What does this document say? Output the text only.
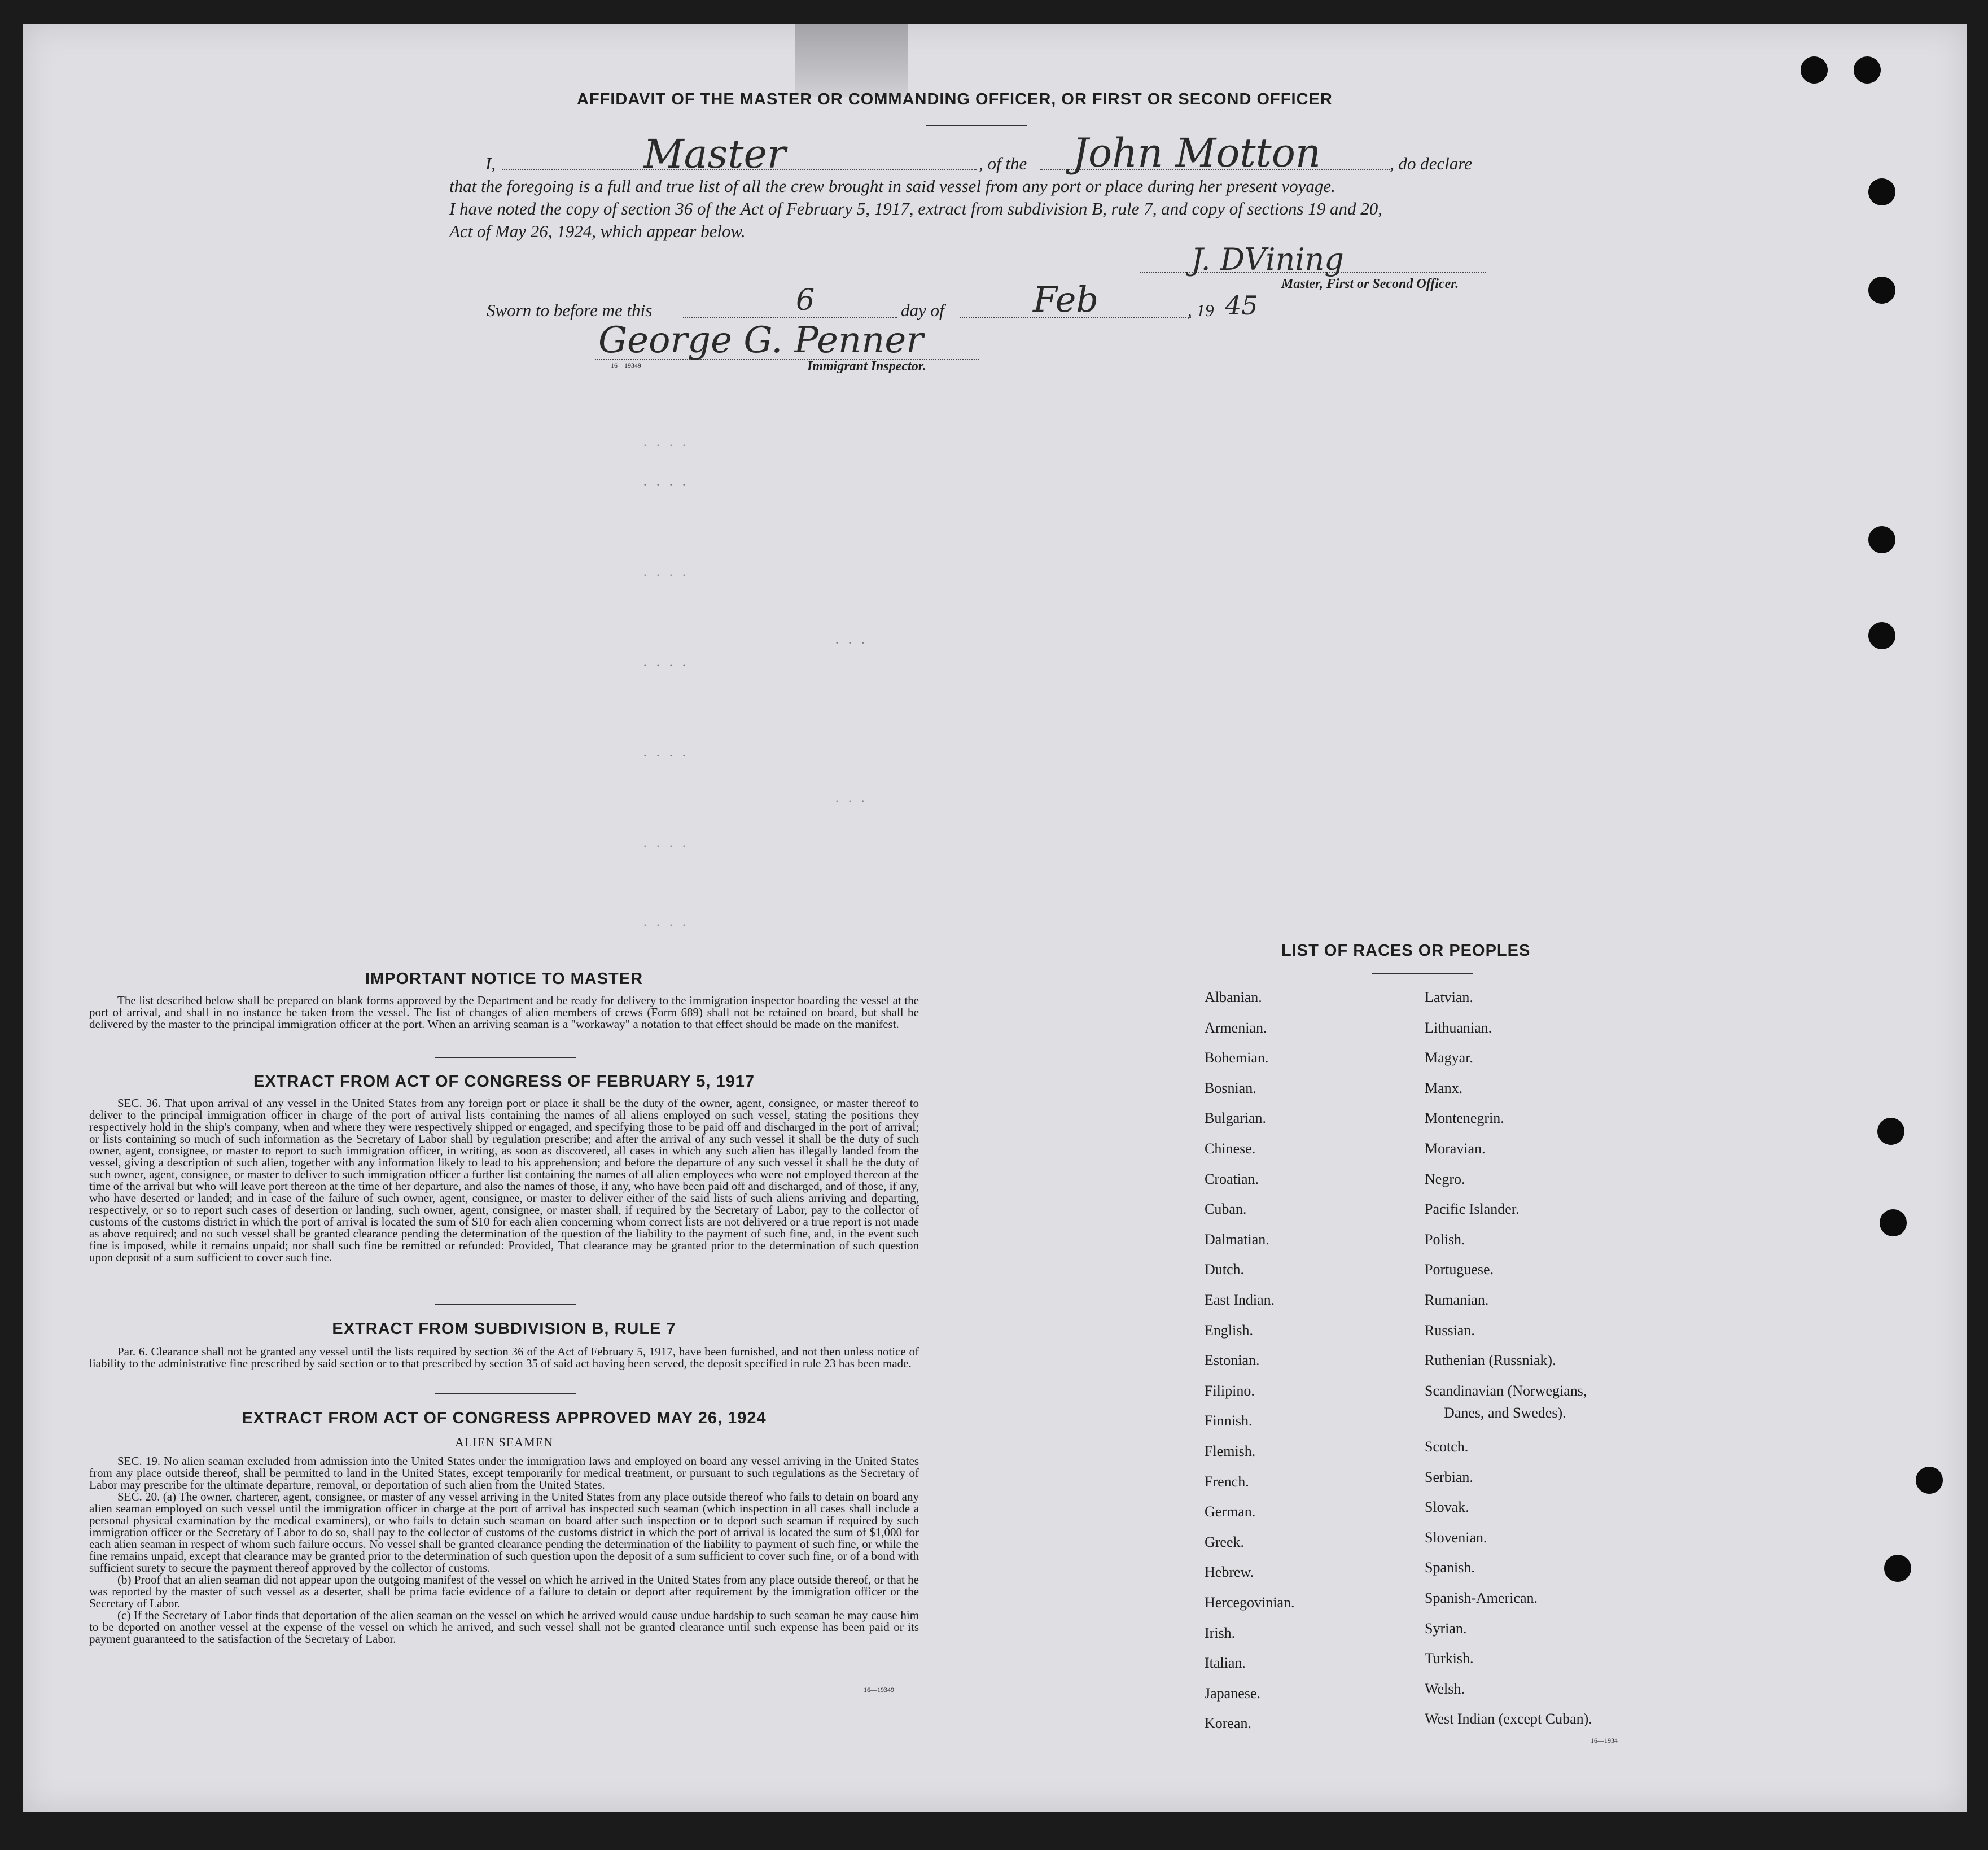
AFFIDAVIT OF THE MASTER OR COMMANDING OFFICER, OR FIRST OR SECOND OFFICER
I,	Master	, of the John Motton	, do declare
that the foregoing is a full and true list of all the crew brought in said vessel from any port or place during her present voyage.
I have noted the copy of section 36 of the Act of February 5, 1917, extract from subdivision B, rule 7, and copy of sections 19 and 20,
Act of May 26, 1924, which appear below.
J. DVining
Master, First or Second Officer.
Sworn to before me this	6	day of	Feb	, 19 45
George G. Penner
16—19349	Immigrant Inspector.
. . . .
. . . .
. . . .
. . . .
. . . .
. . . .
. . . .
. . .
. . .
IMPORTANT NOTICE TO MASTER

The list described below shall be prepared on blank forms approved by the Department and be ready for delivery to the immigration inspector boarding the vessel at the port of arrival, and shall in no instance be taken from the vessel. The list of changes of alien members of crews (Form 689) shall not be retained on board, but shall be delivered by the master to the principal immigration officer at the port. When an arriving seaman is a "workaway" a notation to that effect should be made on the manifest.

EXTRACT FROM ACT OF CONGRESS OF FEBRUARY 5, 1917

SEC. 36. That upon arrival of any vessel in the United States from any foreign port or place it shall be the duty of the owner, agent, consignee, or master thereof to deliver to the principal immigration officer in charge of the port of arrival lists containing the names of all aliens employed on such vessel, stating the positions they respectively hold in the ship's company, when and where they were respectively shipped or engaged, and specifying those to be paid off and discharged in the port of arrival; or lists containing so much of such information as the Secretary of Labor shall by regulation prescribe; and after the arrival of any such vessel it shall be the duty of such owner, agent, consignee, or master to report to such immigration officer, in writing, as soon as discovered, all cases in which any such alien has illegally landed from the vessel, giving a description of such alien, together with any information likely to lead to his apprehension; and before the departure of any such vessel it shall be the duty of such owner, agent, consignee, or master to deliver to such immigration officer a further list containing the names of all alien employees who were not employed thereon at the time of the arrival but who will leave port thereon at the time of her departure, and also the names of those, if any, who have been paid off and discharged, and of those, if any, who have deserted or landed; and in case of the failure of such owner, agent, consignee, or master to deliver either of the said lists of such aliens arriving and departing, respectively, or so to report such cases of desertion or landing, such owner, agent, consignee, or master shall, if required by the Secretary of Labor, pay to the collector of customs of the customs district in which the port of arrival is located the sum of $10 for each alien concerning whom correct lists are not delivered or a true report is not made as above required; and no such vessel shall be granted clearance pending the determination of the question of the liability to the payment of such fine, and, in the event such fine is imposed, while it remains unpaid; nor shall such fine be remitted or refunded: Provided, That clearance may be granted prior to the determination of such question upon deposit of a sum sufficient to cover such fine.

EXTRACT FROM SUBDIVISION B, RULE 7

Par. 6. Clearance shall not be granted any vessel until the lists required by section 36 of the Act of February 5, 1917, have been furnished, and not then unless notice of liability to the administrative fine prescribed by said section or to that prescribed by section 35 of said act having been served, the deposit specified in rule 23 has been made.

EXTRACT FROM ACT OF CONGRESS APPROVED MAY 26, 1924
ALIEN SEAMEN

SEC. 19. No alien seaman excluded from admission into the United States under the immigration laws and employed on board any vessel arriving in the United States from any place outside thereof, shall be permitted to land in the United States, except temporarily for medical treatment, or pursuant to such regulations as the Secretary of Labor may prescribe for the ultimate departure, removal, or deportation of such alien from the United States.

SEC. 20. (a) The owner, charterer, agent, consignee, or master of any vessel arriving in the United States from any place outside thereof who fails to detain on board any alien seaman employed on such vessel until the immigration officer in charge at the port of arrival has inspected such seaman (which inspection in all cases shall include a personal physical examination by the medical examiners), or who fails to detain such seaman on board after such inspection or to deport such seaman if required by such immigration officer or the Secretary of Labor to do so, shall pay to the collector of customs of the customs district in which the port of arrival is located the sum of $1,000 for each alien seaman in respect of whom such failure occurs. No vessel shall be granted clearance pending the determination of the liability to payment of such fine, or while the fine remains unpaid, except that clearance may be granted prior to the determination of such question upon the deposit of a sum sufficient to cover such fine, or of a bond with sufficient surety to secure the payment thereof approved by the collector of customs.

(b) Proof that an alien seaman did not appear upon the outgoing manifest of the vessel on which he arrived in the United States from any place outside thereof, or that he was reported by the master of such vessel as a deserter, shall be prima facie evidence of a failure to detain or deport after requirement by the immigration officer or the Secretary of Labor.

(c) If the Secretary of Labor finds that deportation of the alien seaman on the vessel on which he arrived would cause undue hardship to such seaman he may cause him to be deported on another vessel at the expense of the vessel on which he arrived, and such vessel shall not be granted clearance until such expense has been paid or its payment guaranteed to the satisfaction of the Secretary of Labor.

16—19349
LIST OF RACES OR PEOPLES
Albanian.
Armenian.
Bohemian.
Bosnian.
Bulgarian.
Chinese.
Croatian.
Cuban.
Dalmatian.
Dutch.
East Indian.
English.
Estonian.
Filipino.
Finnish.
Flemish.
French.
German.
Greek.
Hebrew.
Hercegovinian.
Irish.
Italian.
Japanese.
Korean.
Latvian.
Lithuanian.
Magyar.
Manx.
Montenegrin.
Moravian.
Negro.
Pacific Islander.
Polish.
Portuguese.
Rumanian.
Russian.
Ruthenian (Russniak).
Scandinavian (Norwegians,
Scotch.
Serbian.
Slovak.
Slovenian.
Spanish.
Spanish-American.
Syrian.
Turkish.
Welsh.
West Indian (except Cuban).
Danes, and Swedes).
16—1934
